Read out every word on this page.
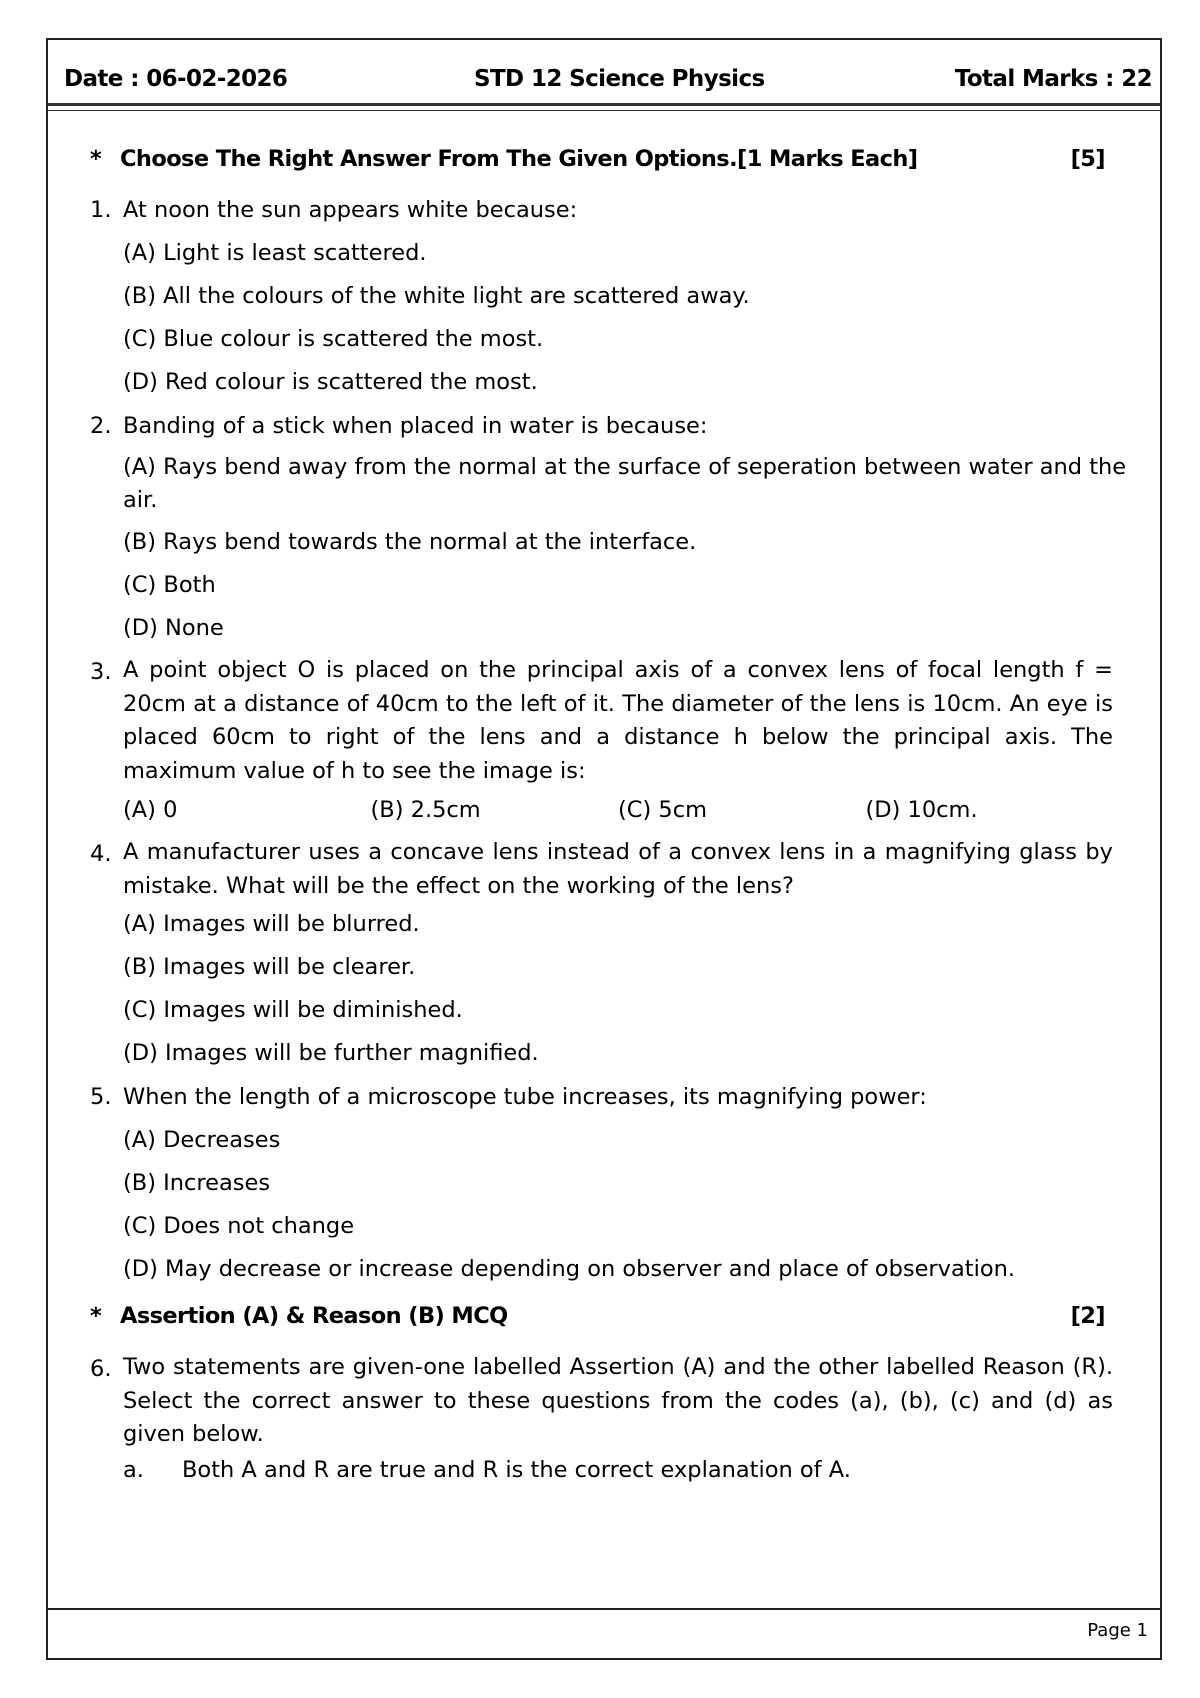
Date : 06-02-2026	STD 12 Science Physics	Total Marks : 22
* Choose The Right Answer From The Given Options.[1 Marks Each]	[5]
1. At noon the sun appears white because:
(A) Light is least scattered.
(B) All the colours of the white light are scattered away.
(C) Blue colour is scattered the most.
(D) Red colour is scattered the most.
2. Banding of a stick when placed in water is because:
(A) Rays bend away from the normal at the surface of seperation between water and the air.
(B) Rays bend towards the normal at the interface.
(C) Both
(D) None
3. A point object O is placed on the principal axis of a convex lens of focal length f = 20cm at a distance of 40cm to the left of it. The diameter of the lens is 10cm. An eye is placed 60cm to right of the lens and a distance h below the principal axis. The maximum value of h to see the image is:
(A) 0	(B) 2.5cm	(C) 5cm	(D) 10cm.
4. A manufacturer uses a concave lens instead of a convex lens in a magnifying glass by mistake. What will be the effect on the working of the lens?
(A) Images will be blurred.
(B) Images will be clearer.
(C) Images will be diminished.
(D) Images will be further magnified.
5. When the length of a microscope tube increases, its magnifying power:
(A) Decreases
(B) Increases
(C) Does not change
(D) May decrease or increase depending on observer and place of observation.
* Assertion (A) & Reason (B) MCQ	[2]
6. Two statements are given-one labelled Assertion (A) and the other labelled Reason (R). Select the correct answer to these questions from the codes (a), (b), (c) and (d) as given below.
a. Both A and R are true and R is the correct explanation of A.
Page 1
